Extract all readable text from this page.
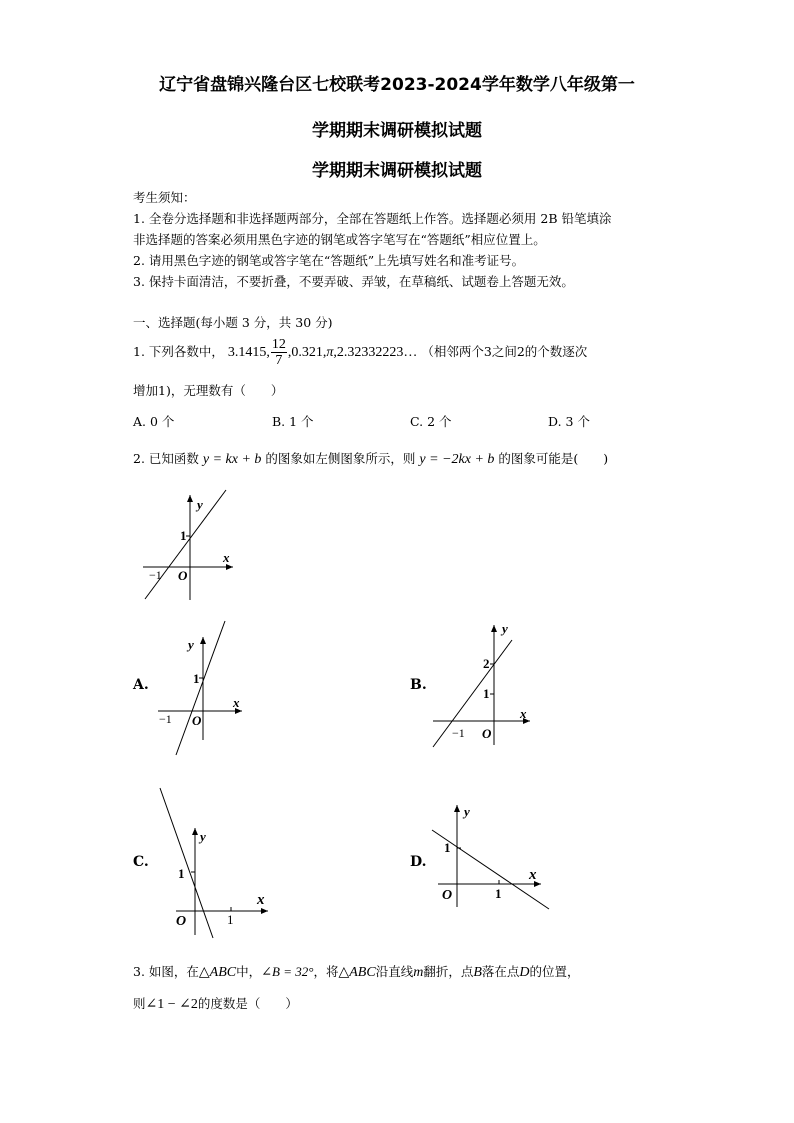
辽宁省盘锦兴隆台区七校联考2023-2024学年数学八年级第一
学期期末调研模拟试题
学期期末调研模拟试题
考生须知：
1. 全卷分选择题和非选择题两部分，全部在答题纸上作答。选择题必须用 2B 铅笔填涂
非选择题的答案必须用黑色字迹的钢笔或答字笔写在“答题纸”相应位置上。
2. 请用黑色字迹的钢笔或答字笔在“答题纸”上先填写姓名和准考证号。
3. 保持卡面清洁，不要折叠，不要弄破、弄皱，在草稿纸、试题卷上答题无效。
一、选择题(每小题 3 分，共 30 分)
1. 下列各数中， 3.1415, $\frac{12}{7}$ ,0.321,π,2.32332223… （相邻两个3之间2的个数逐次
增加1)，无理数有（　　）
A. 0 个	B. 1 个	C. 2 个	D. 3 个
2. 已知函数 y = kx + b 的图象如左侧图象所示，则 y = −2kx + b 的图象可能是(　　)
y
x
1
−1 O
A.
y
x
1
−1 O
B.
y
x
2
1
−1 O
C.
y
x
1
1
O
D.
y
x
1
1
O
3. 如图，在△ABC中，∠B = 32°，将△ABC沿直线m翻折，点B落在点D的位置，
则∠1 − ∠2的度数是（　　）
